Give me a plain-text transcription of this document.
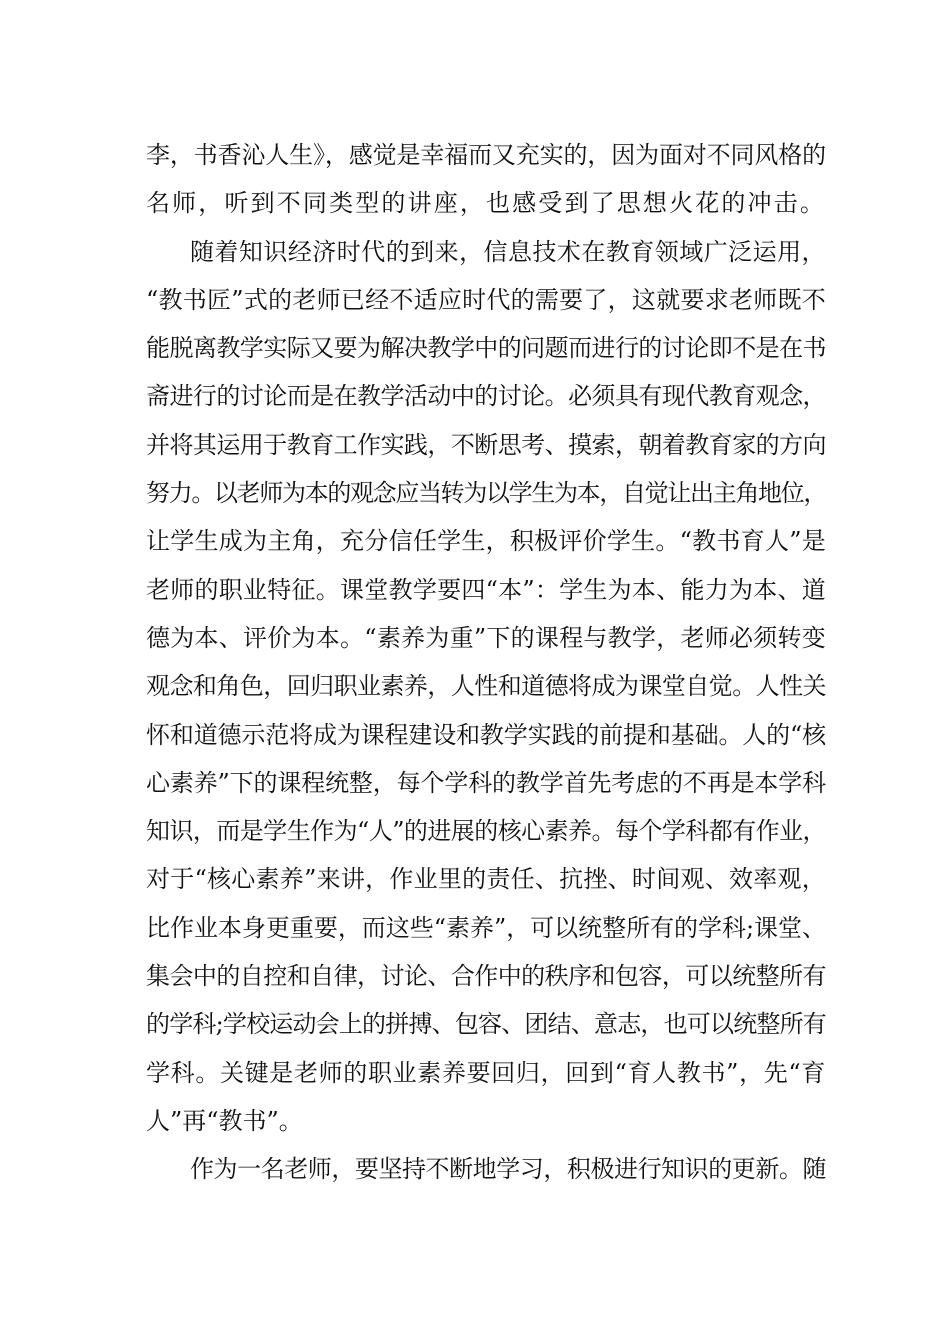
李，书香沁人生》，感觉是幸福而又充实的，因为面对不同风格的
名师，听到不同类型的讲座，也感受到了思想火花的冲击。
随着知识经济时代的到来，信息技术在教育领域广泛运用，
“教书匠”式的老师已经不适应时代的需要了，这就要求老师既不
能脱离教学实际又要为解决教学中的问题而进行的讨论即不是在书
斋进行的讨论而是在教学活动中的讨论。必须具有现代教育观念，
并将其运用于教育工作实践，不断思考、摸索，朝着教育家的方向
努力。以老师为本的观念应当转为以学生为本，自觉让出主角地位，
让学生成为主角，充分信任学生，积极评价学生。“教书育人”是
老师的职业特征。课堂教学要四“本”：学生为本、能力为本、道
德为本、评价为本。“素养为重”下的课程与教学，老师必须转变
观念和角色，回归职业素养，人性和道德将成为课堂自觉。人性关
怀和道德示范将成为课程建设和教学实践的前提和基础。人的“核
心素养”下的课程统整，每个学科的教学首先考虑的不再是本学科
知识，而是学生作为“人”的进展的核心素养。每个学科都有作业，
对于“核心素养”来讲，作业里的责任、抗挫、时间观、效率观，
比作业本身更重要，而这些“素养”，可以统整所有的学科;课堂、
集会中的自控和自律，讨论、合作中的秩序和包容，可以统整所有
的学科;学校运动会上的拼搏、包容、团结、意志，也可以统整所有
学科。关键是老师的职业素养要回归，回到“育人教书”，先“育
人”再“教书”。
作为一名老师，要坚持不断地学习，积极进行知识的更新。随
